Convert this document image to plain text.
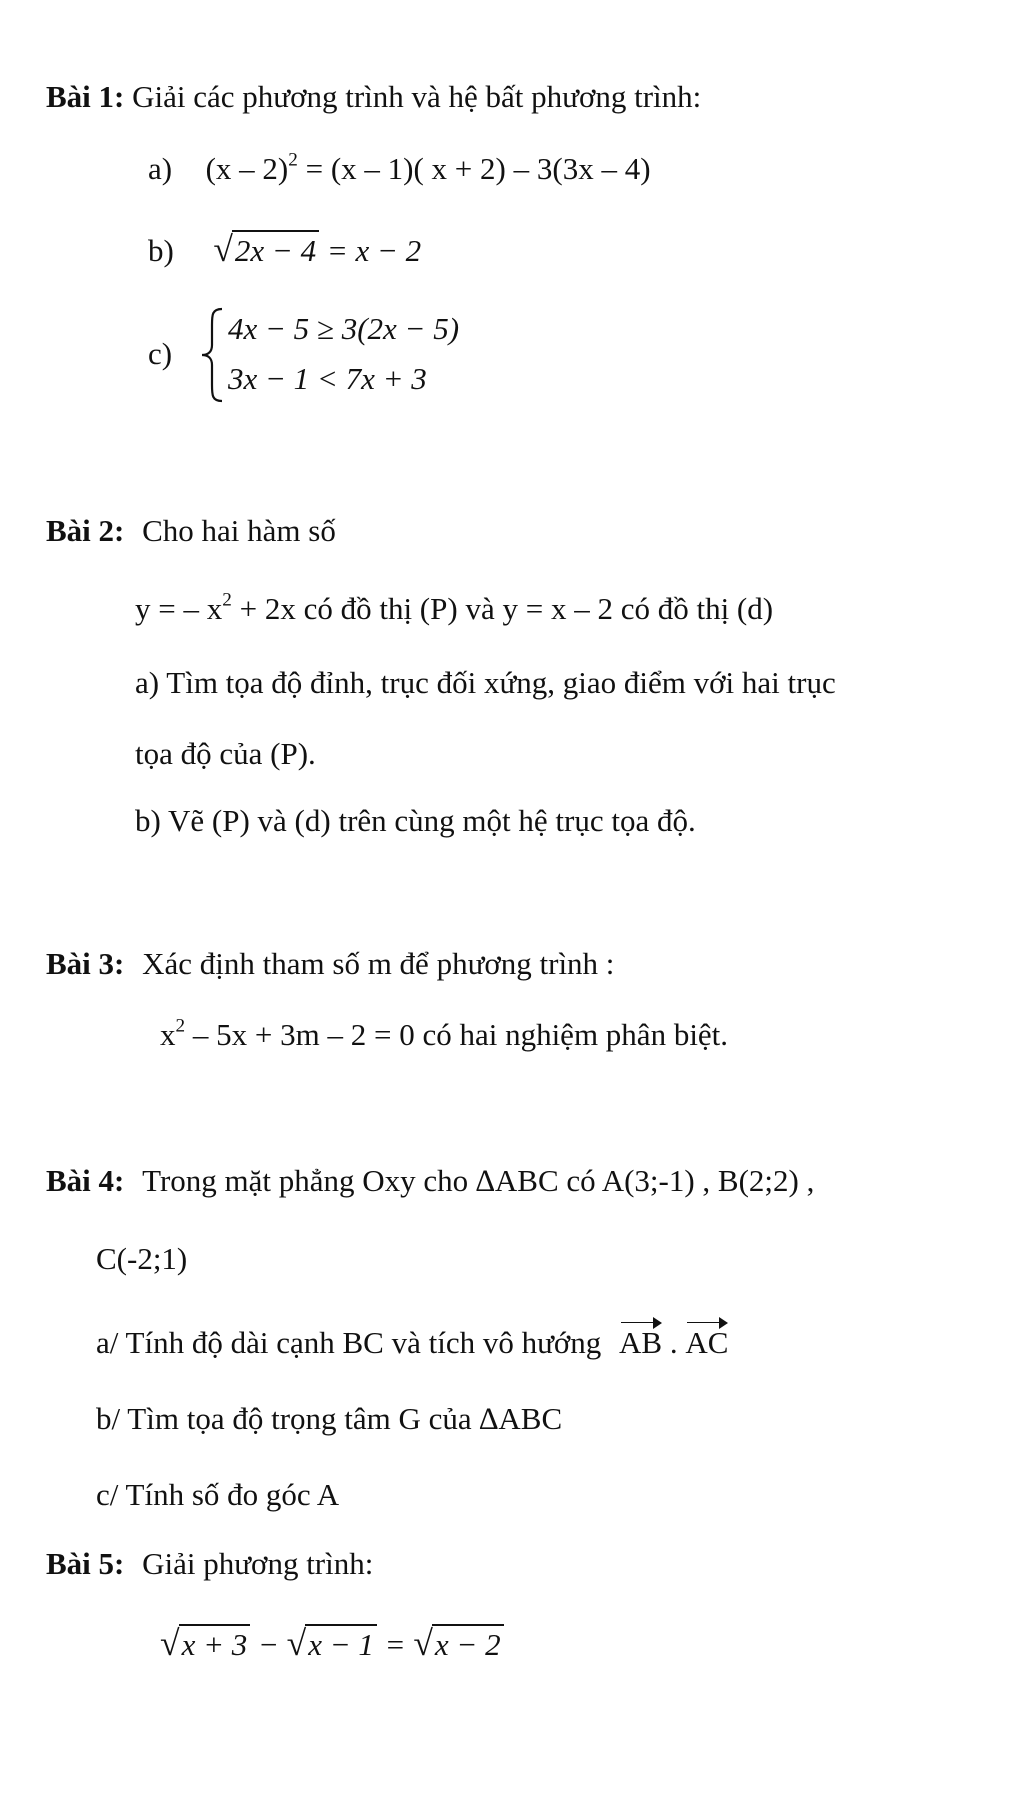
Bài 1: Giải các phương trình và hệ bất phương trình:
a) (x – 2)$^2$ = (x – 1)( x + 2) – 3(3x – 4)
b) √2x − 4 = x − 2
c)
4x − 5 ≥ 3(2x − 5)
3x − 1 < 7x + 3
Bài 2: Cho hai hàm số
y = – $x^2 + 2x$ có đồ thị (P) và y = x – 2 có đồ thị (d)
a) Tìm tọa độ đỉnh, trục đối xứng, giao điểm với hai trục
tọa độ của (P).
b) Vẽ (P) và (d) trên cùng một hệ trục tọa độ.
Bài 3: Xác định tham số m để phương trình :
$x^2 - 5x + 3m - 2 = 0$ có hai nghiệm phân biệt.
Bài 4: Trong mặt phẳng Oxy cho ∆ABC có A(3;-1) , B(2;2) ,
C(-2;1)
a/ Tính độ dài cạnh BC và tích vô hướng AB . AC
b/ Tìm tọa độ trọng tâm G của ∆ABC
c/ Tính số đo góc A
Bài 5: Giải phương trình:
√x + 3 − √x − 1 = √x − 2
